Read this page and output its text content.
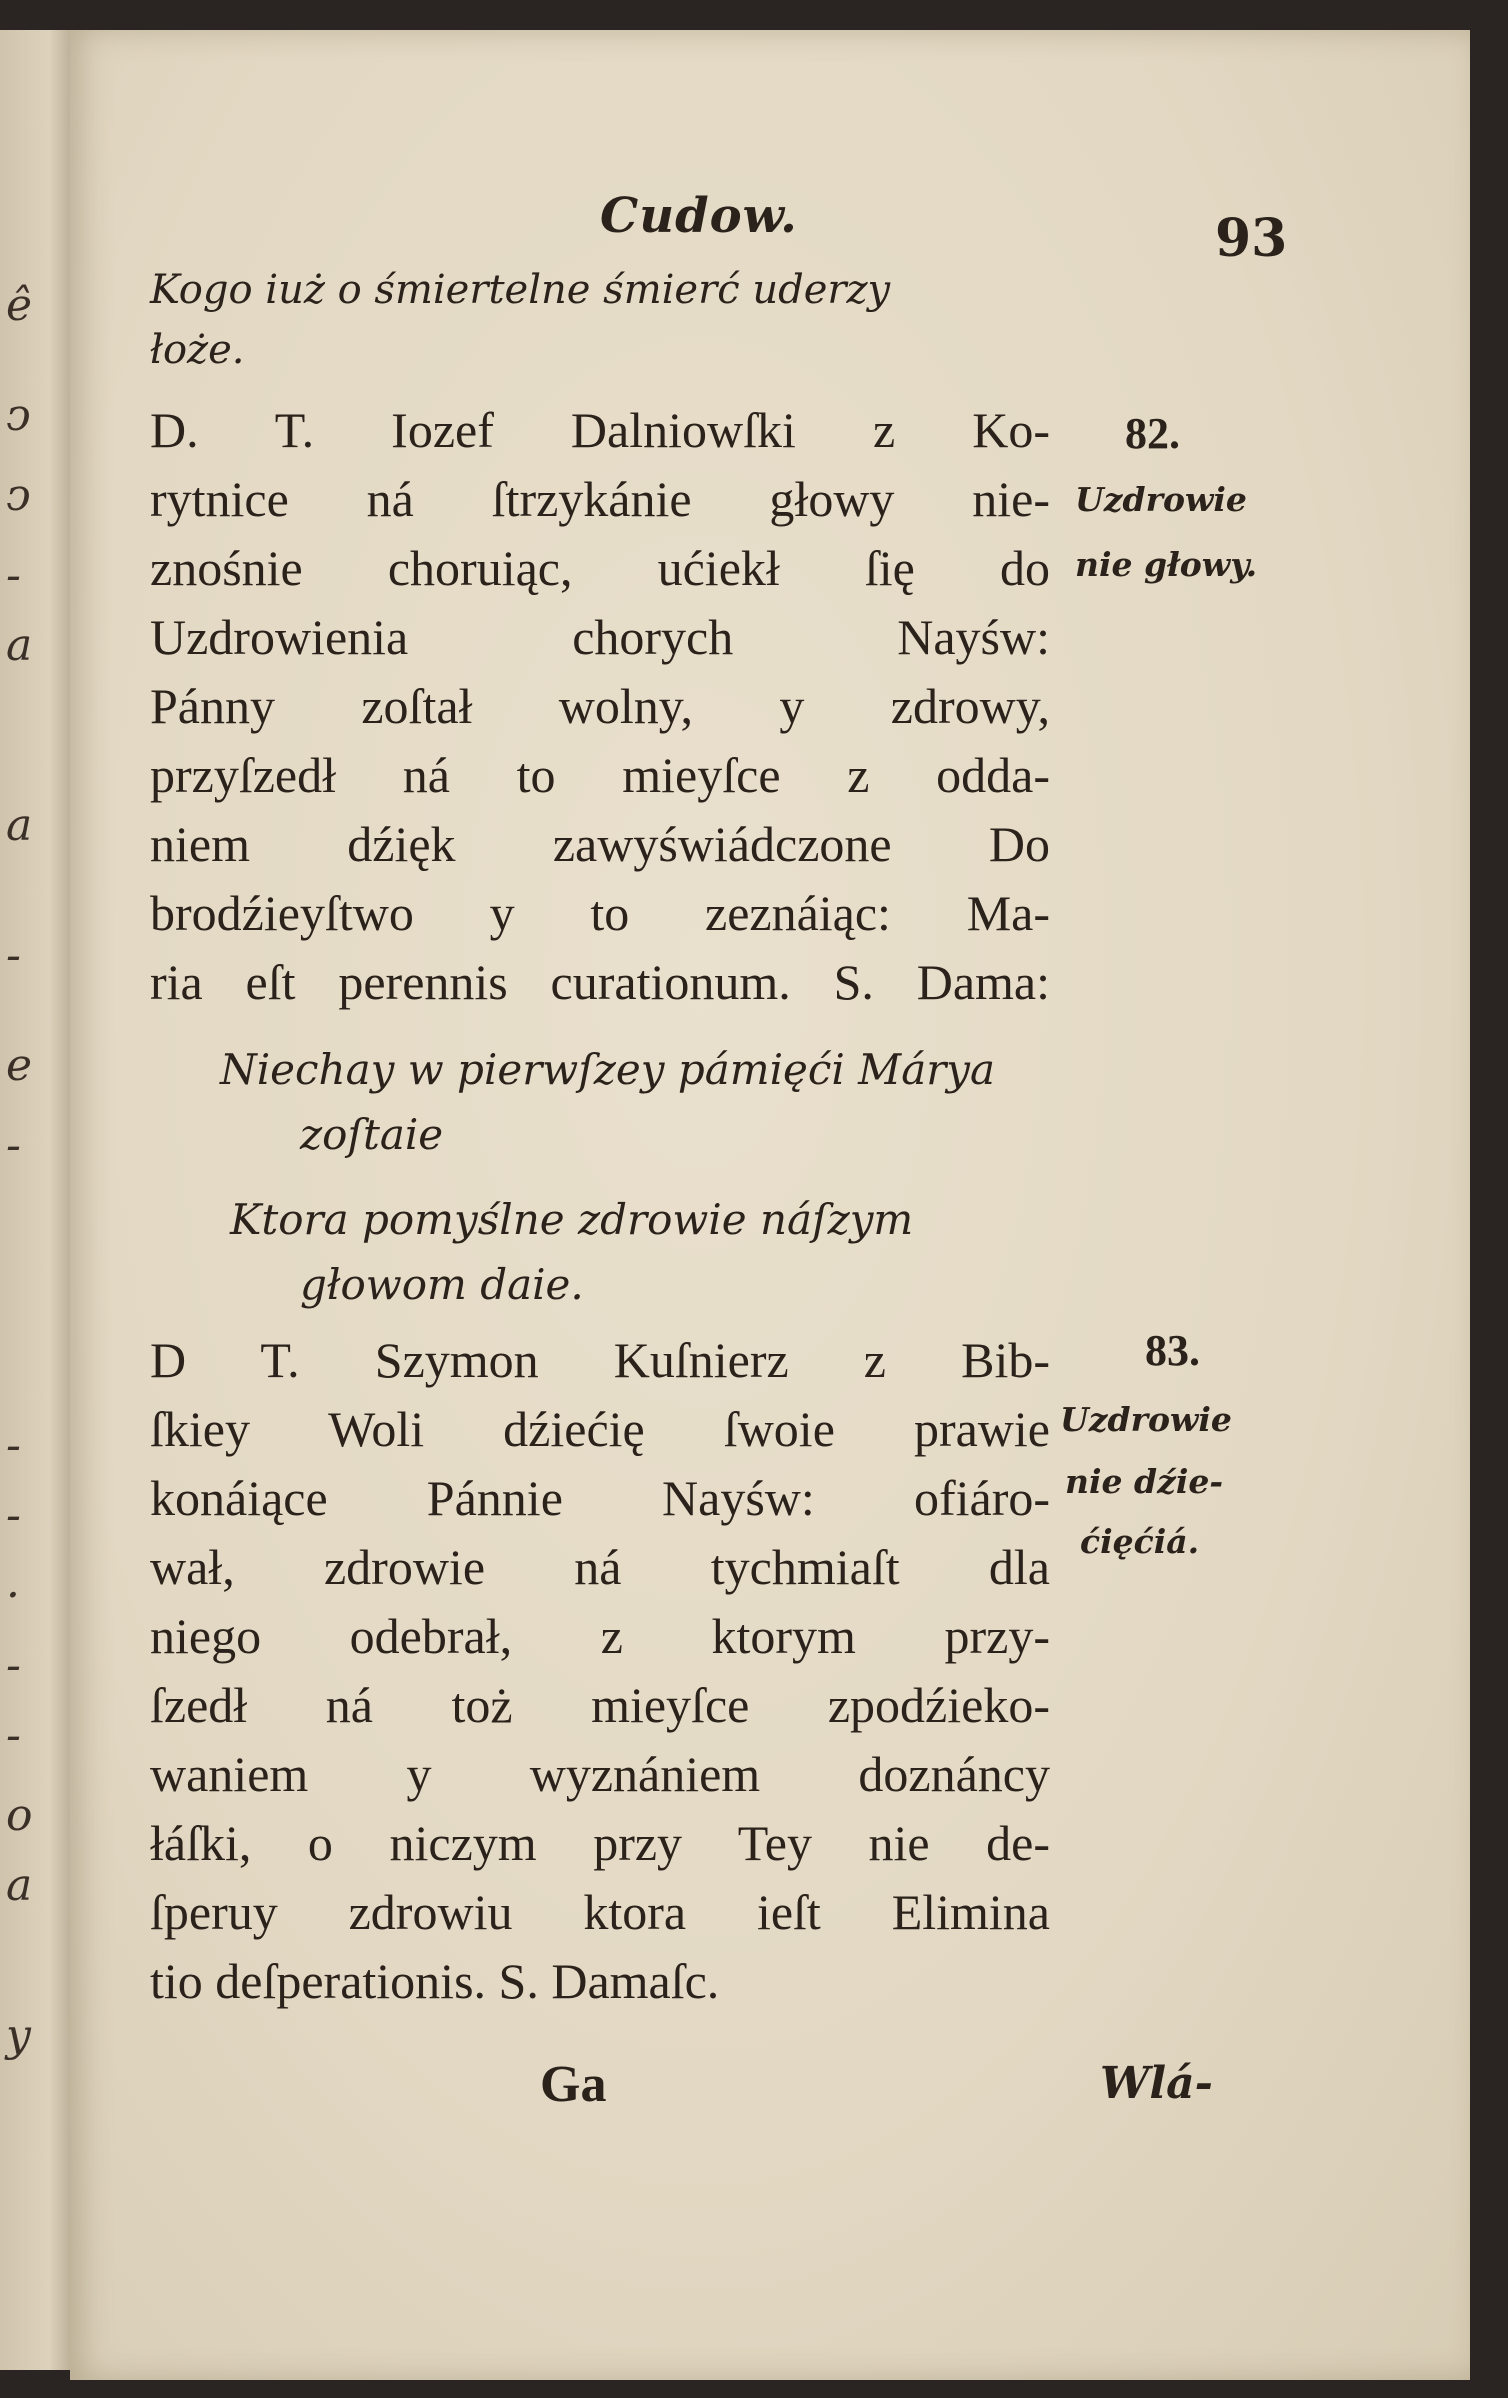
ê
ↄ
ↄ
-
a
a
-
e
-
-
-
·
-
-
o
a
y
Cudow.	93
Kogo iuż o śmiertelne śmierć uderzy
łoże.
D. T. Iozef Dalniowſki z Ko-
rytnice ná ſtrzykánie głowy nie-
znośnie choruiąc, ućiekł ſię do
Uzdrowienia chorych Nayśw:
Pánny zoſtał wolny, y zdrowy,
przyſzedł ná to mieyſce z odda-
niem dźięk zawyświádczone Do
brodźieyſtwo y to zeznáiąc: Ma-
ria eſt perennis curationum. S. Dama:
Niechay w pierwſzey pámięći Márya
zoſtaie
Ktora pomyślne zdrowie náſzym
głowom daie.
D T. Szymon Kuſnierz z Bib-
ſkiey Woli dźiećię ſwoie prawie
konáiące Pánnie Nayśw: ofiáro-
wał, zdrowie ná tychmiaſt dla
niego odebrał, z ktorym przy-
ſzedł ná toż mieyſce zpodźieko-
waniem y wyznániem doznáncy
łáſki, o niczym przy Tey nie de-
ſperuy zdrowiu ktora ieſt Elimina
tio deſperationis. S. Damaſc.
82.
Uzdrowie
nie głowy.
83.
Uzdrowie
nie dźie-
ćięćiá.
Ga	Wlá-
